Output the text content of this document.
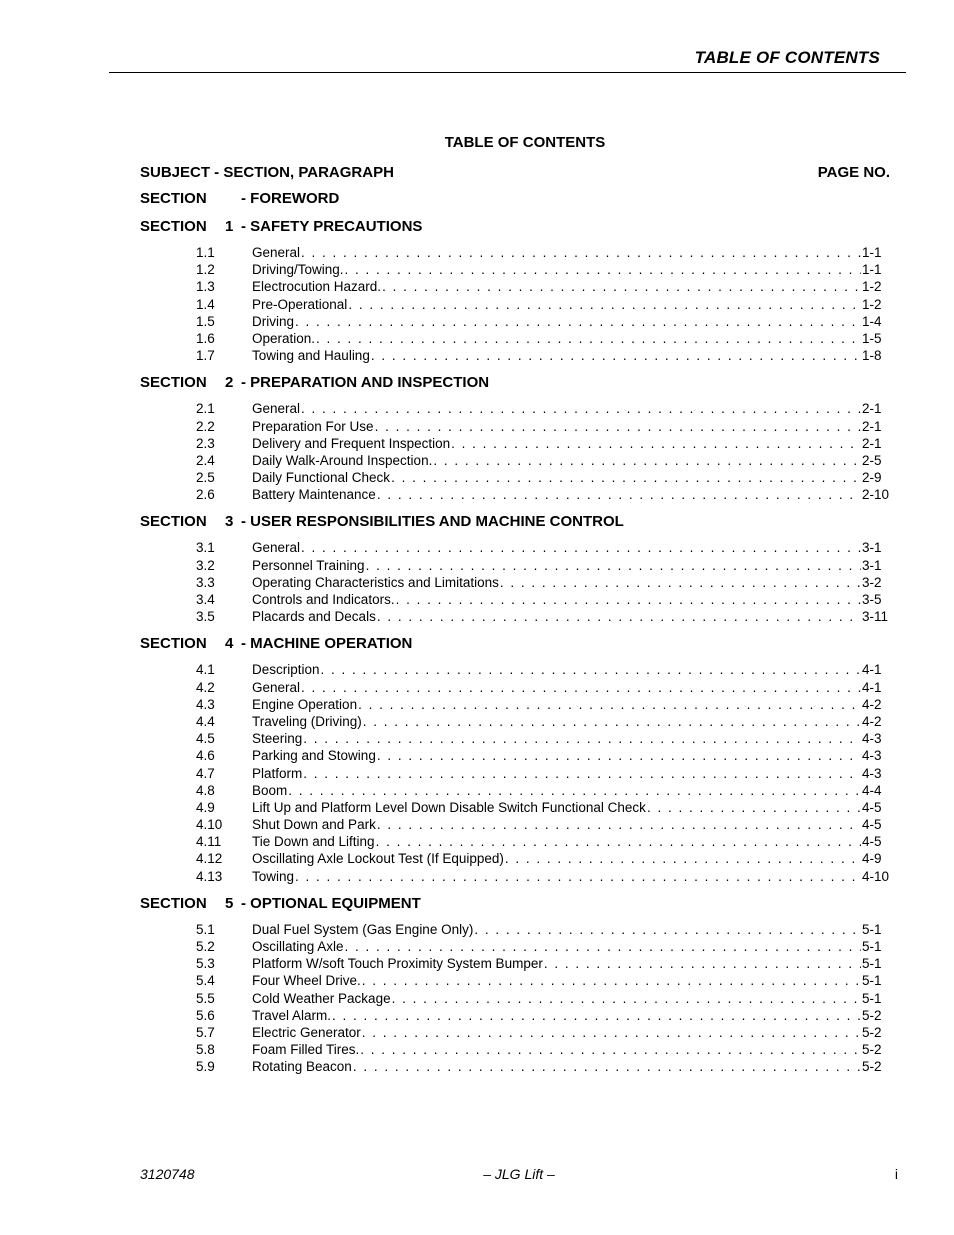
TABLE OF CONTENTS
TABLE OF CONTENTS
SUBJECT - SECTION, PARAGRAPH	PAGE NO.
SECTION	- FOREWORD
SECTION	1 - SAFETY PRECAUTIONS
1.1	General . . .	1-1
1.2	Driving/Towing. . . .	1-1
1.3	Electrocution Hazard. . . .	1-2
1.4	Pre-Operational . . .	1-2
1.5	Driving . . .	1-4
1.6	Operation. . . .	1-5
1.7	Towing and Hauling . . .	1-8
SECTION	2 - PREPARATION AND INSPECTION
2.1	General . . .	2-1
2.2	Preparation For Use . . .	2-1
2.3	Delivery and Frequent Inspection . . .	2-1
2.4	Daily Walk-Around Inspection. . . .	2-5
2.5	Daily Functional Check . . .	2-9
2.6	Battery Maintenance . . .	2-10
SECTION	3 - USER RESPONSIBILITIES AND MACHINE CONTROL
3.1	General . . .	3-1
3.2	Personnel Training . . .	3-1
3.3	Operating Characteristics and Limitations . . .	3-2
3.4	Controls and Indicators. . . .	3-5
3.5	Placards and Decals . . .	3-11
SECTION	4 - MACHINE OPERATION
4.1	Description . . .	4-1
4.2	General . . .	4-1
4.3	Engine Operation . . .	4-2
4.4	Traveling (Driving) . . .	4-2
4.5	Steering . . .	4-3
4.6	Parking and Stowing . . .	4-3
4.7	Platform . . .	4-3
4.8	Boom . . .	4-4
4.9	Lift Up and Platform Level Down Disable Switch Functional Check . . .	4-5
4.10	Shut Down and Park . . .	4-5
4.11	Tie Down and Lifting . . .	4-5
4.12	Oscillating Axle Lockout Test (If Equipped) . . .	4-9
4.13	Towing . . .	4-10
SECTION	5 - OPTIONAL EQUIPMENT
5.1	Dual Fuel System (Gas Engine Only) . . .	5-1
5.2	Oscillating Axle . . .	5-1
5.3	Platform W/soft Touch Proximity System Bumper . . .	5-1
5.4	Four Wheel Drive. . . .	5-1
5.5	Cold Weather Package . . .	5-1
5.6	Travel Alarm. . . .	5-2
5.7	Electric Generator . . .	5-2
5.8	Foam Filled Tires. . . .	5-2
5.9	Rotating Beacon . . .	5-2
3120748	– JLG Lift –	i
